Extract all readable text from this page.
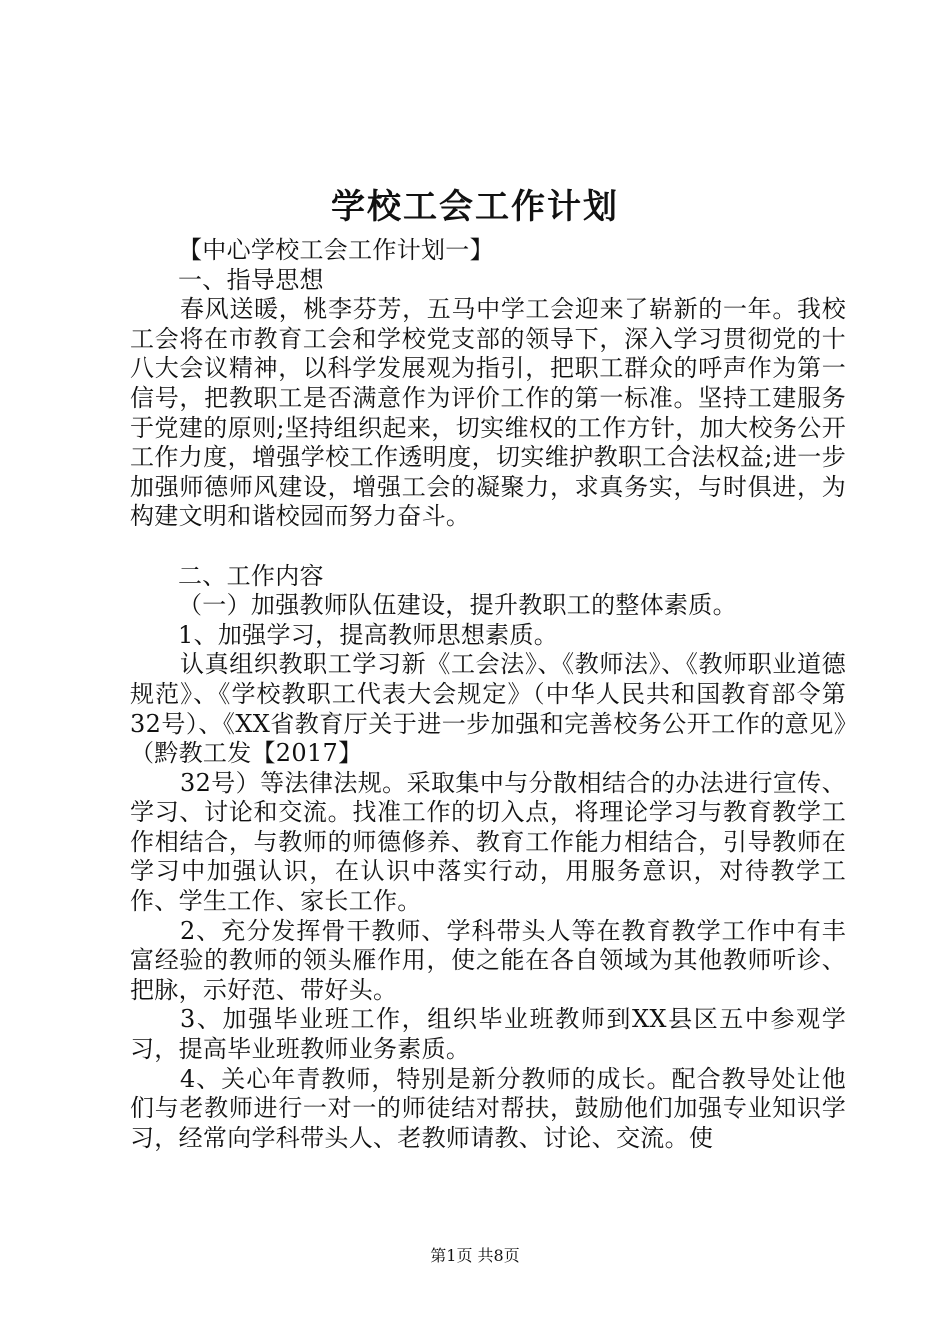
学校工会工作计划

【中心学校工会工作计划一】

一、指导思想

春风送暖，桃李芬芳，五马中学工会迎来了崭新的一年。我校工会将在市教育工会和学校党支部的领导下，深入学习贯彻党的十八大会议精神，以科学发展观为指引，把职工群众的呼声作为第一信号，把教职工是否满意作为评价工作的第一标准。坚持工建服务于党建的原则;坚持组织起来，切实维权的工作方针，加大校务公开工作力度，增强学校工作透明度，切实维护教职工合法权益;进一步加强师德师风建设，增强工会的凝聚力，求真务实，与时俱进，为构建文明和谐校园而努力奋斗。

二、工作内容

（一）加强教师队伍建设，提升教职工的整体素质。

1、加强学习，提高教师思想素质。

认真组织教职工学习新《工会法》、《教师法》、《教师职业道德规范》、《学校教职工代表大会规定》（中华人民共和国教育部令第32号）、《XX省教育厅关于进一步加强和完善校务公开工作的意见》（黔教工发【2017】

32号）等法律法规。采取集中与分散相结合的办法进行宣传、学习、讨论和交流。找准工作的切入点，将理论学习与教育教学工作相结合，与教师的师德修养、教育工作能力相结合，引导教师在学习中加强认识，在认识中落实行动，用服务意识，对待教学工作、学生工作、家长工作。

2、充分发挥骨干教师、学科带头人等在教育教学工作中有丰富经验的教师的领头雁作用，使之能在各自领域为其他教师听诊、把脉，示好范、带好头。

3、加强毕业班工作，组织毕业班教师到XX县区五中参观学习，提高毕业班教师业务素质。

4、关心年青教师，特别是新分教师的成长。配合教导处让他们与老教师进行一对一的师徒结对帮扶，鼓励他们加强专业知识学习，经常向学科带头人、老教师请教、讨论、交流。使

第1页 共8页
